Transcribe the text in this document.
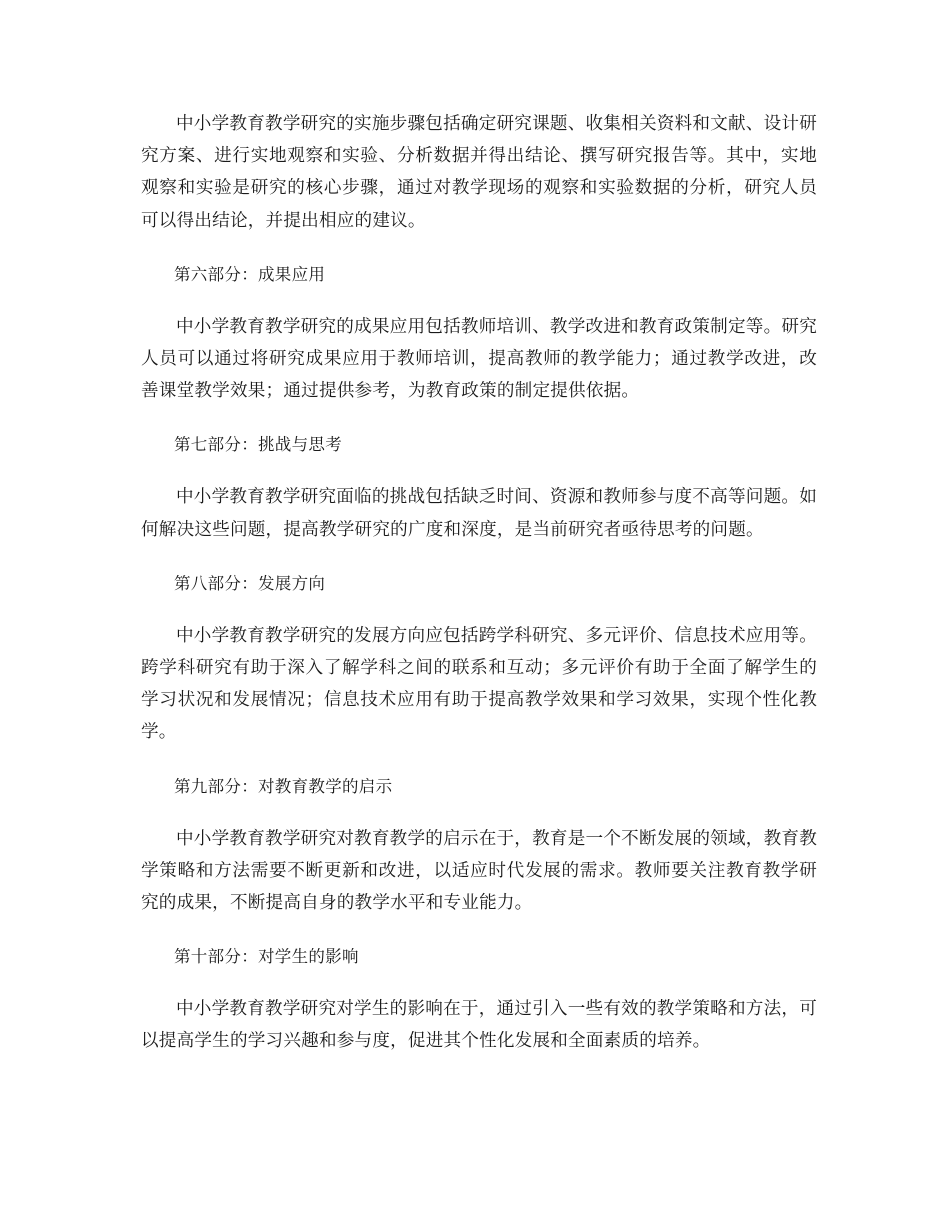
中小学教育教学研究的实施步骤包括确定研究课题、收集相关资料和文献、设计研究方案、进行实地观察和实验、分析数据并得出结论、撰写研究报告等。其中，实地观察和实验是研究的核心步骤，通过对教学现场的观察和实验数据的分析，研究人员可以得出结论，并提出相应的建议。

第六部分：成果应用

中小学教育教学研究的成果应用包括教师培训、教学改进和教育政策制定等。研究人员可以通过将研究成果应用于教师培训，提高教师的教学能力；通过教学改进，改善课堂教学效果；通过提供参考，为教育政策的制定提供依据。

第七部分：挑战与思考

中小学教育教学研究面临的挑战包括缺乏时间、资源和教师参与度不高等问题。如何解决这些问题，提高教学研究的广度和深度，是当前研究者亟待思考的问题。

第八部分：发展方向

中小学教育教学研究的发展方向应包括跨学科研究、多元评价、信息技术应用等。跨学科研究有助于深入了解学科之间的联系和互动；多元评价有助于全面了解学生的学习状况和发展情况；信息技术应用有助于提高教学效果和学习效果，实现个性化教学。

第九部分：对教育教学的启示

中小学教育教学研究对教育教学的启示在于，教育是一个不断发展的领域，教育教学策略和方法需要不断更新和改进，以适应时代发展的需求。教师要关注教育教学研究的成果，不断提高自身的教学水平和专业能力。

第十部分：对学生的影响

中小学教育教学研究对学生的影响在于，通过引入一些有效的教学策略和方法，可以提高学生的学习兴趣和参与度，促进其个性化发展和全面素质的培养。
